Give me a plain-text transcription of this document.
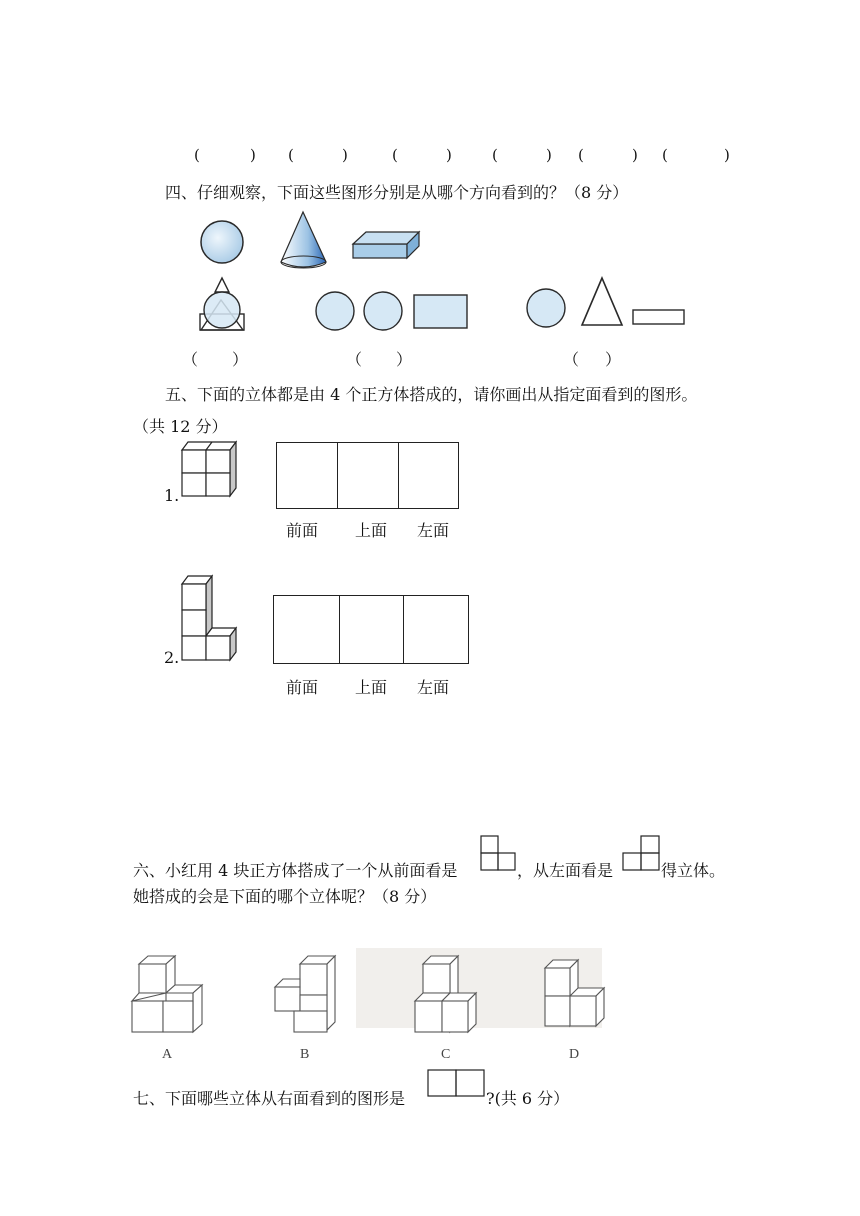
(	) (	)	(	)	(	) (	) (	)
四、仔细观察，下面这些图形分别是从哪个方向看到的？（8 分）
（ ）	（ ）	（ ）
五、下面的立体都是由 4 个正方体搭成的，请你画出从指定面看到的图形。
（共 12 分）
1.
前面 上面 左面
2.
前面 上面 左面
六、小红用 4 块正方体搭成了一个从前面看是	，从左面看是	得立体。
她搭成的会是下面的哪个立体呢？（8 分）
A	B	C	D
七、下面哪些立体从右面看到的图形是	?(共 6 分）
